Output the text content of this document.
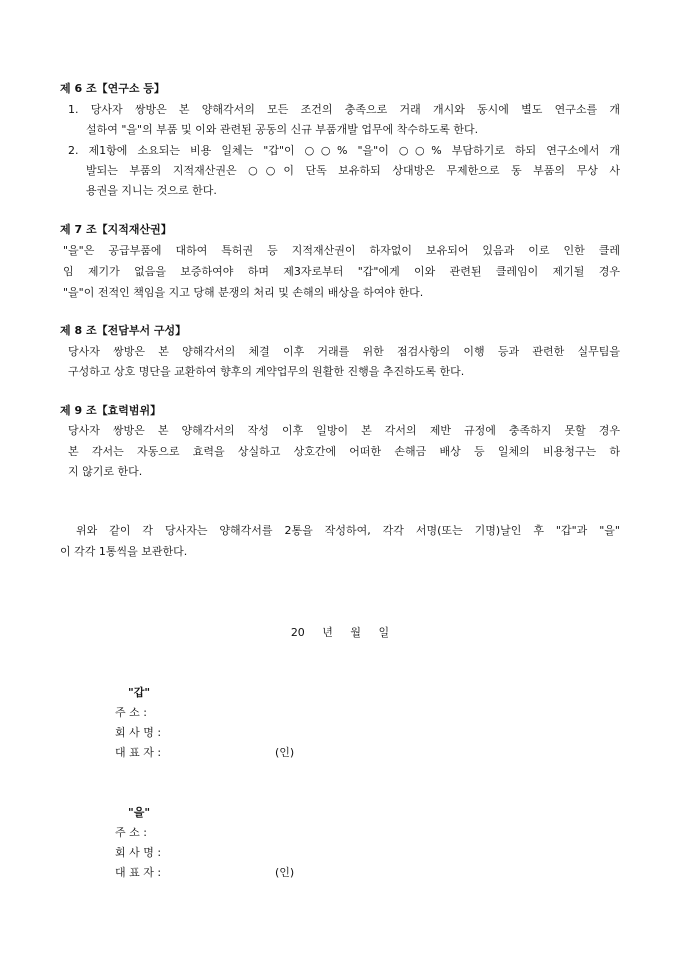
제 6 조【연구소 등】
1. 당사자 쌍방은 본 양해각서의 모든 조건의 충족으로 거래 개시와 동시에 별도 연구소를 개
설하여 "을"의 부품 및 이와 관련된 공동의 신규 부품개발 업무에 착수하도록 한다.
2. 제1항에 소요되는 비용 일체는 "갑"이 ○○% "을"이 ○○% 부담하기로 하되 연구소에서 개
발되는 부품의 지적재산권은 ○○이 단독 보유하되 상대방은 무제한으로 동 부품의 무상 사
용권을 지니는 것으로 한다.
제 7 조【지적재산권】
"을"은 공급부품에 대하여 특허권 등 지적재산권이 하자없이 보유되어 있음과 이로 인한 클레
임 제기가 없음을 보증하여야 하며 제3자로부터 "갑"에게 이와 관련된 클레임이 제기될 경우
"을"이 전적인 책임을 지고 당해 분쟁의 처리 및 손해의 배상을 하여야 한다.
제 8 조【전담부서 구성】
당사자 쌍방은 본 양해각서의 체결 이후 거래를 위한 점검사항의 이행 등과 관련한 실무팀을
구성하고 상호 명단을 교환하여 향후의 계약업무의 원활한 진행을 추진하도록 한다.
제 9 조【효력범위】
당사자 쌍방은 본 양해각서의 작성 이후 일방이 본 각서의 제반 규정에 충족하지 못할 경우
본 각서는 자동으로 효력을 상실하고 상호간에 어떠한 손해금 배상 등 일체의 비용청구는 하
지 않기로 한다.
위와 같이 각 당사자는 양해각서를 2통을 작성하여, 각각 서명(또는 기명)날인 후 "갑"과 "을"
이 각각 1통씩을 보관한다.
20 년 월 일
"갑"
주 소 :
회 사 명 :
대 표 자 :	(인)
"을"
주 소 :
회 사 명 :
대 표 자 :	(인)
